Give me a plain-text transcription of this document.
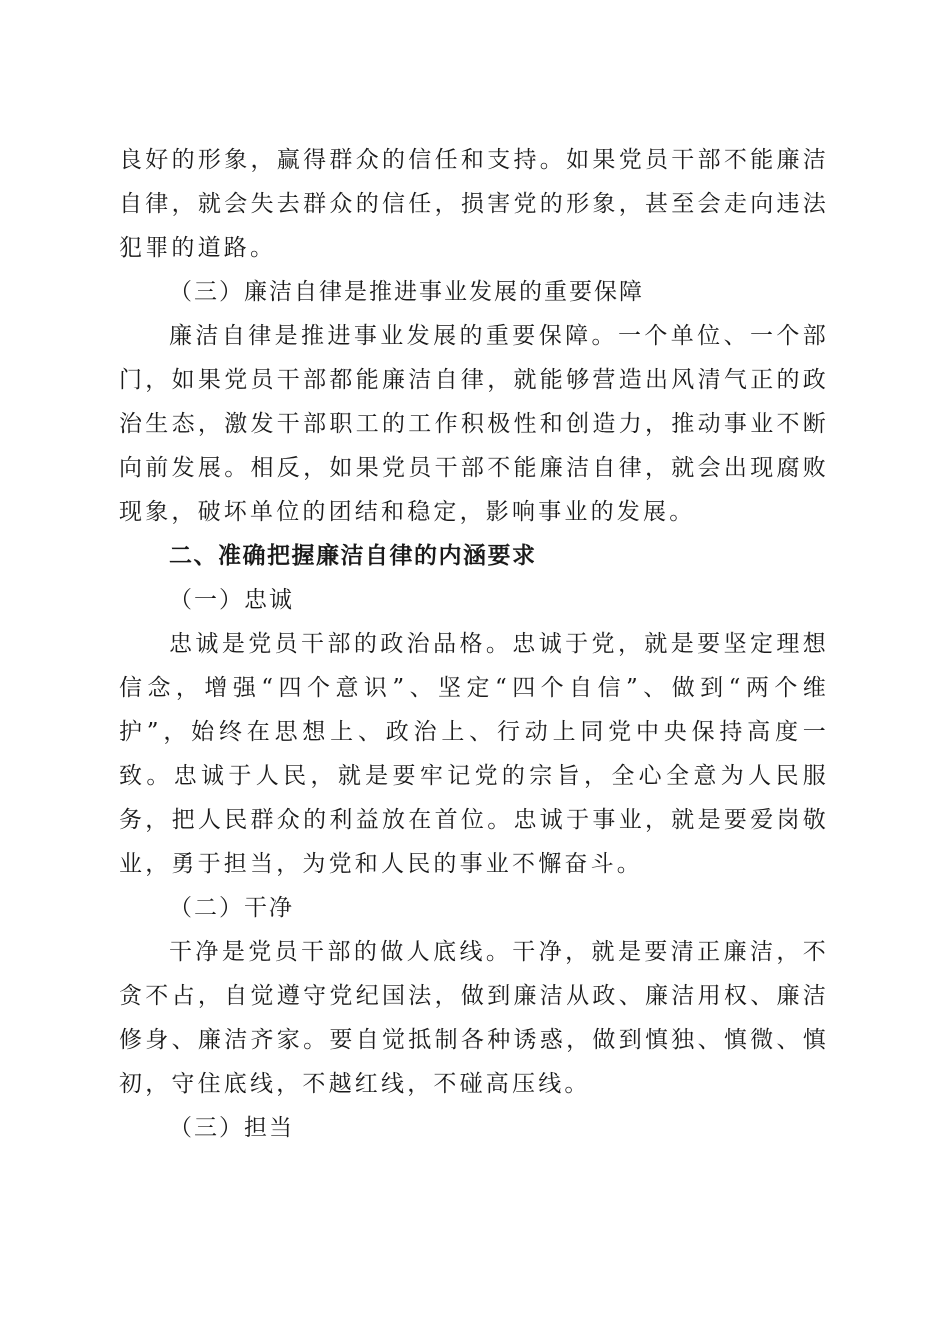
良好的形象，赢得群众的信任和支持。如果党员干部不能廉洁自律，就会失去群众的信任，损害党的形象，甚至会走向违法犯罪的道路。

（三）廉洁自律是推进事业发展的重要保障

廉洁自律是推进事业发展的重要保障。一个单位、一个部门，如果党员干部都能廉洁自律，就能够营造出风清气正的政治生态，激发干部职工的工作积极性和创造力，推动事业不断向前发展。相反，如果党员干部不能廉洁自律，就会出现腐败现象，破坏单位的团结和稳定，影响事业的发展。

二、准确把握廉洁自律的内涵要求

（一）忠诚

忠诚是党员干部的政治品格。忠诚于党，就是要坚定理想信念，增强“四个意识”、坚定“四个自信”、做到“两个维护”，始终在思想上、政治上、行动上同党中央保持高度一致。忠诚于人民，就是要牢记党的宗旨，全心全意为人民服务，把人民群众的利益放在首位。忠诚于事业，就是要爱岗敬业，勇于担当，为党和人民的事业不懈奋斗。

（二）干净

干净是党员干部的做人底线。干净，就是要清正廉洁，不贪不占，自觉遵守党纪国法，做到廉洁从政、廉洁用权、廉洁修身、廉洁齐家。要自觉抵制各种诱惑，做到慎独、慎微、慎初，守住底线，不越红线，不碰高压线。

（三）担当
